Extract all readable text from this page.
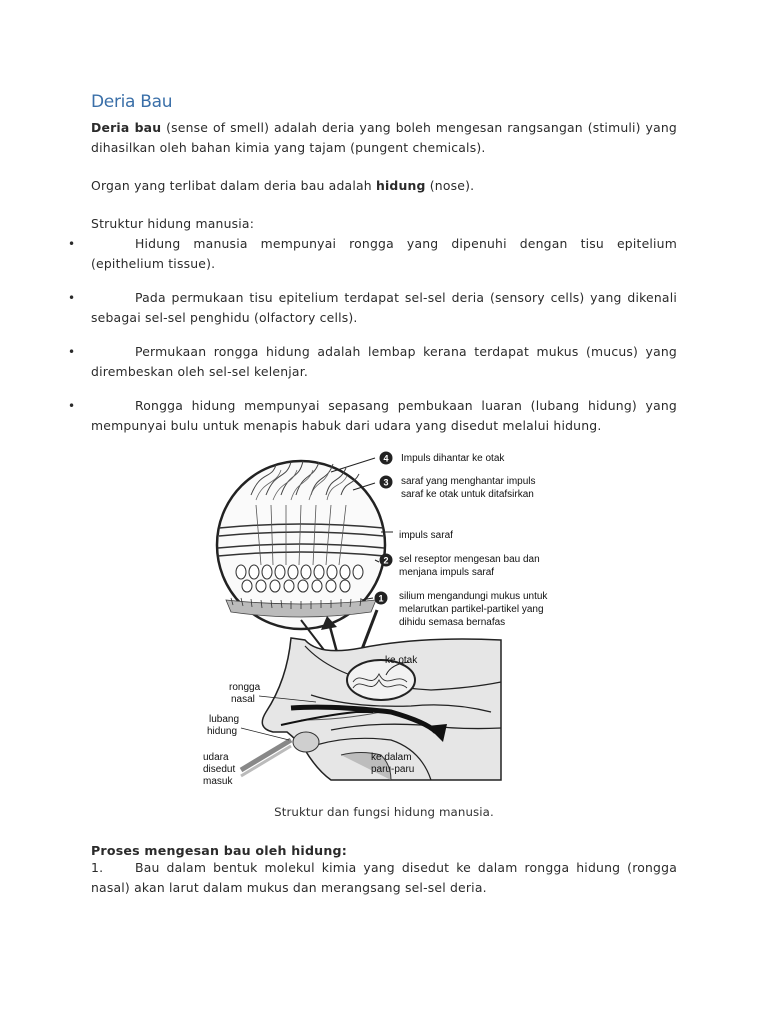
Deria Bau

Deria bau (sense of smell) adalah deria yang boleh mengesan rangsangan (stimuli) yang dihasilkan oleh bahan kimia yang tajam (pungent chemicals).

Organ yang terlibat dalam deria bau adalah hidung (nose).

Struktur hidung manusia:

•	Hidung manusia mempunyai rongga yang dipenuhi dengan tisu epitelium (epithelium tissue).
•	Pada permukaan tisu epitelium terdapat sel-sel deria (sensory cells) yang dikenali sebagai sel-sel penghidu (olfactory cells).
•	Permukaan rongga hidung adalah lembap kerana terdapat mukus (mucus) yang dirembeskan oleh sel-sel kelenjar.
•	Rongga hidung mempunyai sepasang pembukaan luaran (lubang hidung) yang mempunyai bulu untuk menapis habuk dari udara yang disedut melalui hidung.
4 Impuls dihantar ke otak
3 saraf yang menghantar impuls
saraf ke otak untuk ditafsirkan
impuls saraf
2 sel reseptor mengesan bau dan
menjana impuls saraf
1 silium mengandungi mukus untuk
melarutkan partikel-partikel yang
dihidu semasa bernafas
ke otak
rongga
nasal
lubang
hidung
udara
disedut
masuk
ke dalam
paru-paru
Struktur dan fungsi hidung manusia.
Proses mengesan bau oleh hidung:

1.	Bau dalam bentuk molekul kimia yang disedut ke dalam rongga hidung (rongga nasal) akan larut dalam mukus dan merangsang sel-sel deria.
